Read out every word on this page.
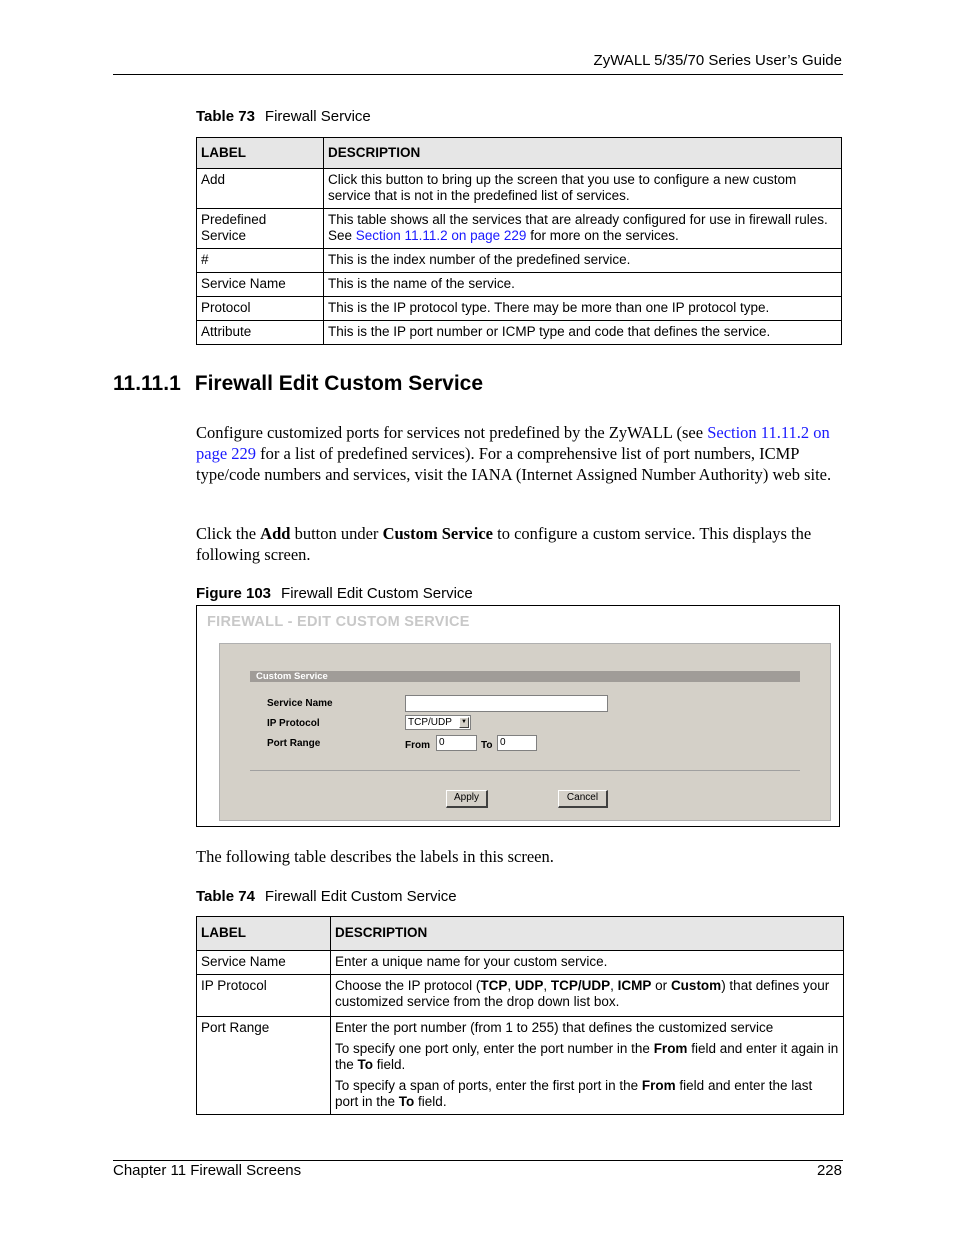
ZyWALL 5/35/70 Series User’s Guide
Table 73 Firewall Service
LABEL	DESCRIPTION
Add	Click this button to bring up the screen that you use to configure a new custom service that is not in the predefined list of services.

Predefined Service	This table shows all the services that are already configured for use in firewall rules. See Section 11.11.2 on page 229 for more on the services.
#	This is the index number of the predefined service.
Service Name	This is the name of the service.
Protocol	This is the IP protocol type. There may be more than one IP protocol type.
Attribute	This is the IP port number or ICMP type and code that defines the service.
11.11.1 Firewall Edit Custom Service
Configure customized ports for services not predefined by the ZyWALL (see Section 11.11.2 on page 229 for a list of predefined services). For a comprehensive list of port numbers, ICMP type/code numbers and services, visit the IANA (Internet Assigned Number Authority) web site.
Click the Add button under Custom Service to configure a custom service. This displays the following screen.
Figure 103 Firewall Edit Custom Service
FIREWALL - EDIT CUSTOM SERVICE
Custom Service
Service Name
IP Protocol	TCP/UDP	▼
Port Range	From 0	To 0
Apply	Cancel
The following table describes the labels in this screen.
Table 74 Firewall Edit Custom Service
LABEL	DESCRIPTION
Service Name	Enter a unique name for your custom service.
IP Protocol	Choose the IP protocol (TCP, UDP, TCP/UDP, ICMP or Custom) that defines your customized service from the drop down list box.
Port Range	Enter the port number (from 1 to 255) that defines the customized service

To specify one port only, enter the port number in the From field and enter it again in the To field.

To specify a span of ports, enter the first port in the From field and enter the last port in the To field.

Chapter 11 Firewall Screens	228
